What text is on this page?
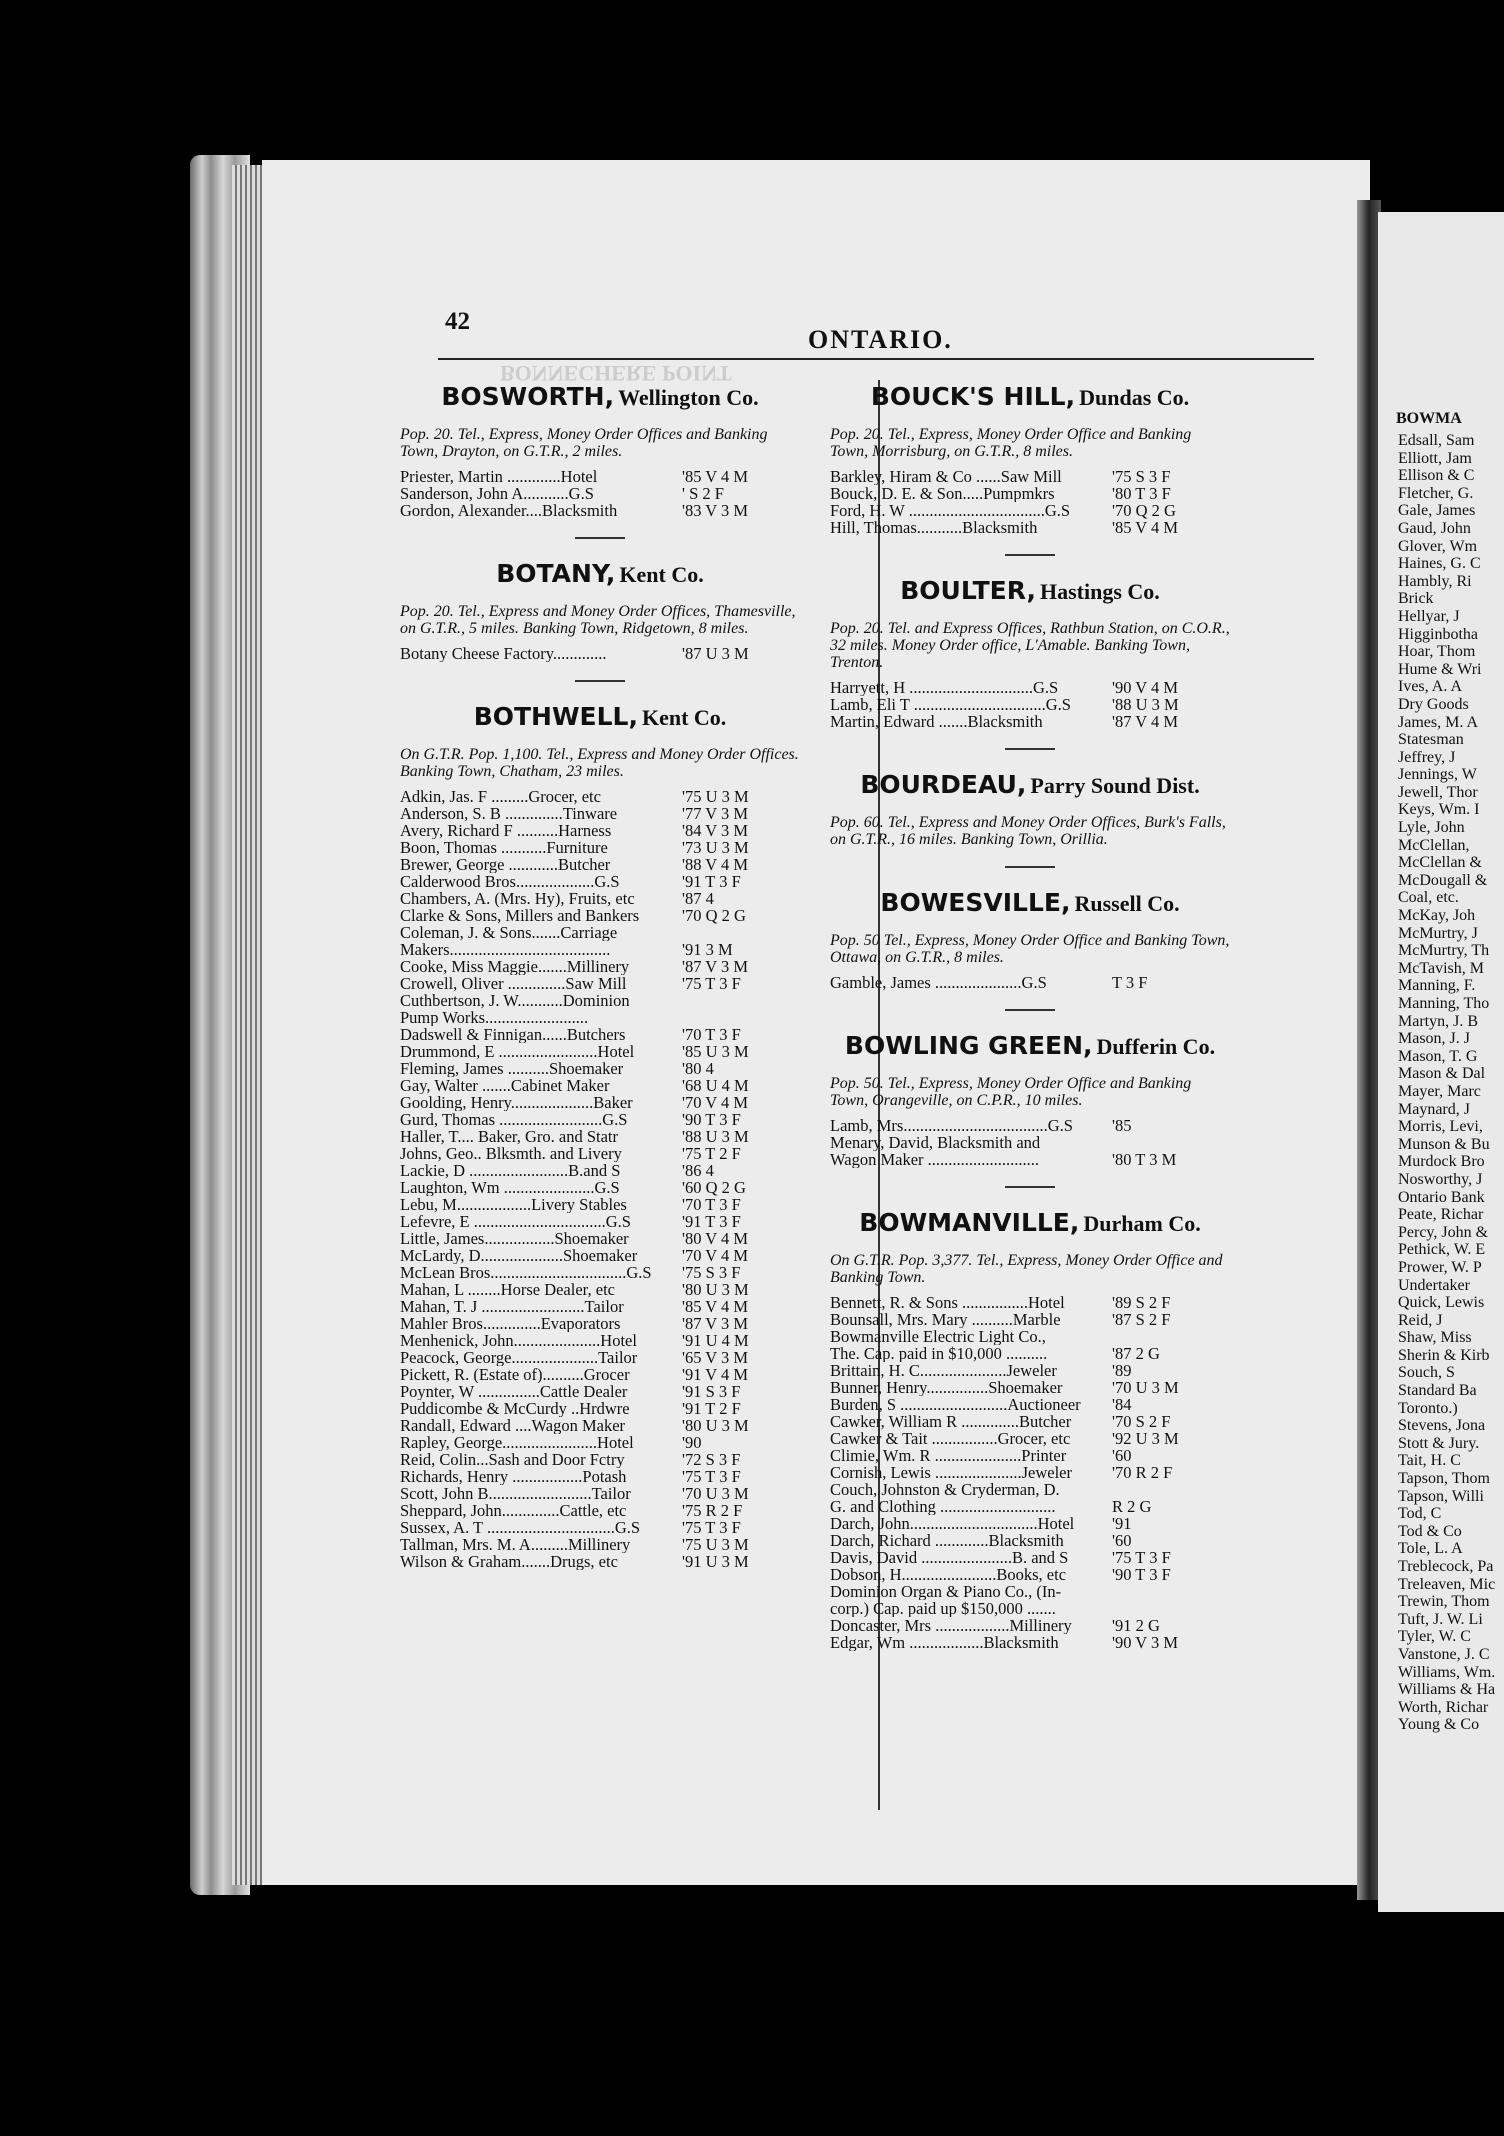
BOWMA
Edsall, Sam
Elliott, Jam
Ellison & C
Fletcher, G.
Gale, James
Gaud, John
Glover, Wm
Haines, G. C
Hambly, Ri
Brick
Hellyar, J
Higginbotha
Hoar, Thom
Hume & Wri
Ives, A. A
Dry Goods
James, M. A
Statesman
Jeffrey, J
Jennings, W
Jewell, Thor
Keys, Wm. I
Lyle, John
McClellan,
McClellan &
McDougall &
Coal, etc.
McKay, Joh
McMurtry, J
McMurtry, Th
McTavish, M
Manning, F.
Manning, Tho
Martyn, J. B
Mason, J. J
Mason, T. G
Mason & Dal
Mayer, Marc
Maynard, J
Morris, Levi,
Munson & Bu
Murdock Bro
Nosworthy, J
Ontario Bank
Peate, Richar
Percy, John &
Pethick, W. E
Prower, W. P
Undertaker
Quick, Lewis
Reid, J
Shaw, Miss
Sherin & Kirb
Souch, S
Standard Ba
Toronto.)
Stevens, Jona
Stott & Jury.
Tait, H. C
Tapson, Thom
Tapson, Willi
Tod, C
Tod & Co
Tole, L. A
Treblecock, Pa
Treleaven, Mic
Trewin, Thom
Tuft, J. W. Li
Tyler, W. C
Vanstone, J. C
Williams, Wm.
Williams & Ha
Worth, Richar
Young & Co
BONNECHERE POINT
42
ONTARIO.
BOSWORTH, Wellington Co.
Pop. 20. Tel., Express, Money Order Offices and Banking Town, Drayton, on G.T.R., 2 miles.
Priester, Martin .............Hotel	'85 V 4 M
Sanderson, John A...........G.S	' S 2 F
Gordon, Alexander....Blacksmith	'83 V 3 M
BOTANY, Kent Co.
Pop. 20. Tel., Express and Money Order Offices, Thamesville, on G.T.R., 5 miles. Banking Town, Ridgetown, 8 miles.
Botany Cheese Factory.............	'87 U 3 M
BOTHWELL, Kent Co.
On G.T.R. Pop. 1,100. Tel., Express and Money Order Offices. Banking Town, Chatham, 23 miles.
Adkin, Jas. F .........Grocer, etc	'75 U 3 M
Anderson, S. B ..............Tinware	'77 V 3 M
Avery, Richard F ..........Harness	'84 V 3 M
Boon, Thomas ...........Furniture	'73 U 3 M
Brewer, George ............Butcher	'88 V 4 M
Calderwood Bros...................G.S	'91 T 3 F
Chambers, A. (Mrs. Hy), Fruits, etc	'87 4
Clarke & Sons, Millers and Bankers	'70 Q 2 G
Coleman, J. & Sons.......Carriage
Makers.......................................	'91 3 M
Cooke, Miss Maggie.......Millinery	'87 V 3 M
Crowell, Oliver ..............Saw Mill	'75 T 3 F
Cuthbertson, J. W...........Dominion
Pump Works.........................
Dadswell & Finnigan......Butchers	'70 T 3 F
Drummond, E ........................Hotel	'85 U 3 M
Fleming, James ..........Shoemaker	'80 4
Gay, Walter .......Cabinet Maker	'68 U 4 M
Goolding, Henry....................Baker	'70 V 4 M
Gurd, Thomas .........................G.S	'90 T 3 F
Haller, T.... Baker, Gro. and Statr	'88 U 3 M
Johns, Geo.. Blksmth. and Livery	'75 T 2 F
Lackie, D ........................B.and S	'86 4
Laughton, Wm ......................G.S	'60 Q 2 G
Lebu, M..................Livery Stables	'70 T 3 F
Lefevre, E ................................G.S	'91 T 3 F
Little, James.................Shoemaker	'80 V 4 M
McLardy, D....................Shoemaker	'70 V 4 M
McLean Bros.................................G.S	'75 S 3 F
Mahan, L ........Horse Dealer, etc	'80 U 3 M
Mahan, T. J .........................Tailor	'85 V 4 M
Mahler Bros..............Evaporators	'87 V 3 M
Menhenick, John.....................Hotel	'91 U 4 M
Peacock, George.....................Tailor	'65 V 3 M
Pickett, R. (Estate of)..........Grocer	'91 V 4 M
Poynter, W ...............Cattle Dealer	'91 S 3 F
Puddicombe & McCurdy ..Hrdwre	'91 T 2 F
Randall, Edward ....Wagon Maker	'80 U 3 M
Rapley, George.......................Hotel	'90
Reid, Colin...Sash and Door Fctry	'72 S 3 F
Richards, Henry .................Potash	'75 T 3 F
Scott, John B.........................Tailor	'70 U 3 M
Sheppard, John..............Cattle, etc	'75 R 2 F
Sussex, A. T ...............................G.S	'75 T 3 F
Tallman, Mrs. M. A.........Millinery	'75 U 3 M
Wilson & Graham.......Drugs, etc	'91 U 3 M
BOUCK'S HILL, Dundas Co.
Pop. 20. Tel., Express, Money Order Office and Banking Town, Morrisburg, on G.T.R., 8 miles.
Barkley, Hiram & Co ......Saw Mill	'75 S 3 F
Bouck, D. E. & Son.....Pumpmkrs	'80 T 3 F
Ford, H. W .................................G.S	'70 Q 2 G
Hill, Thomas...........Blacksmith	'85 V 4 M
BOULTER, Hastings Co.
Pop. 20. Tel. and Express Offices, Rathbun Station, on C.O.R., 32 miles. Money Order office, L'Amable. Banking Town, Trenton.
Harryett, H ..............................G.S	'90 V 4 M
Lamb, Eli T ................................G.S	'88 U 3 M
Martin, Edward .......Blacksmith	'87 V 4 M
BOURDEAU, Parry Sound Dist.
Pop. 60. Tel., Express and Money Order Offices, Burk's Falls, on G.T.R., 16 miles. Banking Town, Orillia.
BOWESVILLE, Russell Co.
Pop. 50 Tel., Express, Money Order Office and Banking Town, Ottawa, on G.T.R., 8 miles.
Gamble, James .....................G.S	T 3 F
BOWLING GREEN, Dufferin Co.
Pop. 50. Tel., Express, Money Order Office and Banking Town, Orangeville, on C.P.R., 10 miles.
Lamb, Mrs...................................G.S	'85
Menary, David, Blacksmith and
Wagon Maker ...........................	'80 T 3 M
BOWMANVILLE, Durham Co.
On G.T.R. Pop. 3,377. Tel., Express, Money Order Office and Banking Town.
Bennett, R. & Sons ................Hotel	'89 S 2 F
Bounsall, Mrs. Mary ..........Marble	'87 S 2 F
Bowmanville Electric Light Co.,
The. Cap. paid in $10,000 ..........	'87 2 G
Brittain, H. C.....................Jeweler	'89
Bunner, Henry...............Shoemaker	'70 U 3 M
Burden, S ..........................Auctioneer	'84
Cawker, William R ..............Butcher	'70 S 2 F
Cawker & Tait ................Grocer, etc	'92 U 3 M
Climie, Wm. R .....................Printer	'60
Cornish, Lewis .....................Jeweler	'70 R 2 F
Couch, Johnston & Cryderman, D.
G. and Clothing ............................	R 2 G
Darch, John...............................Hotel	'91
Darch, Richard .............Blacksmith	'60
Davis, David ......................B. and S	'75 T 3 F
Dobson, H.......................Books, etc	'90 T 3 F
Dominion Organ & Piano Co., (In-
corp.) Cap. paid up $150,000 .......
Doncaster, Mrs ..................Millinery	'91 2 G
Edgar, Wm ..................Blacksmith	'90 V 3 M
